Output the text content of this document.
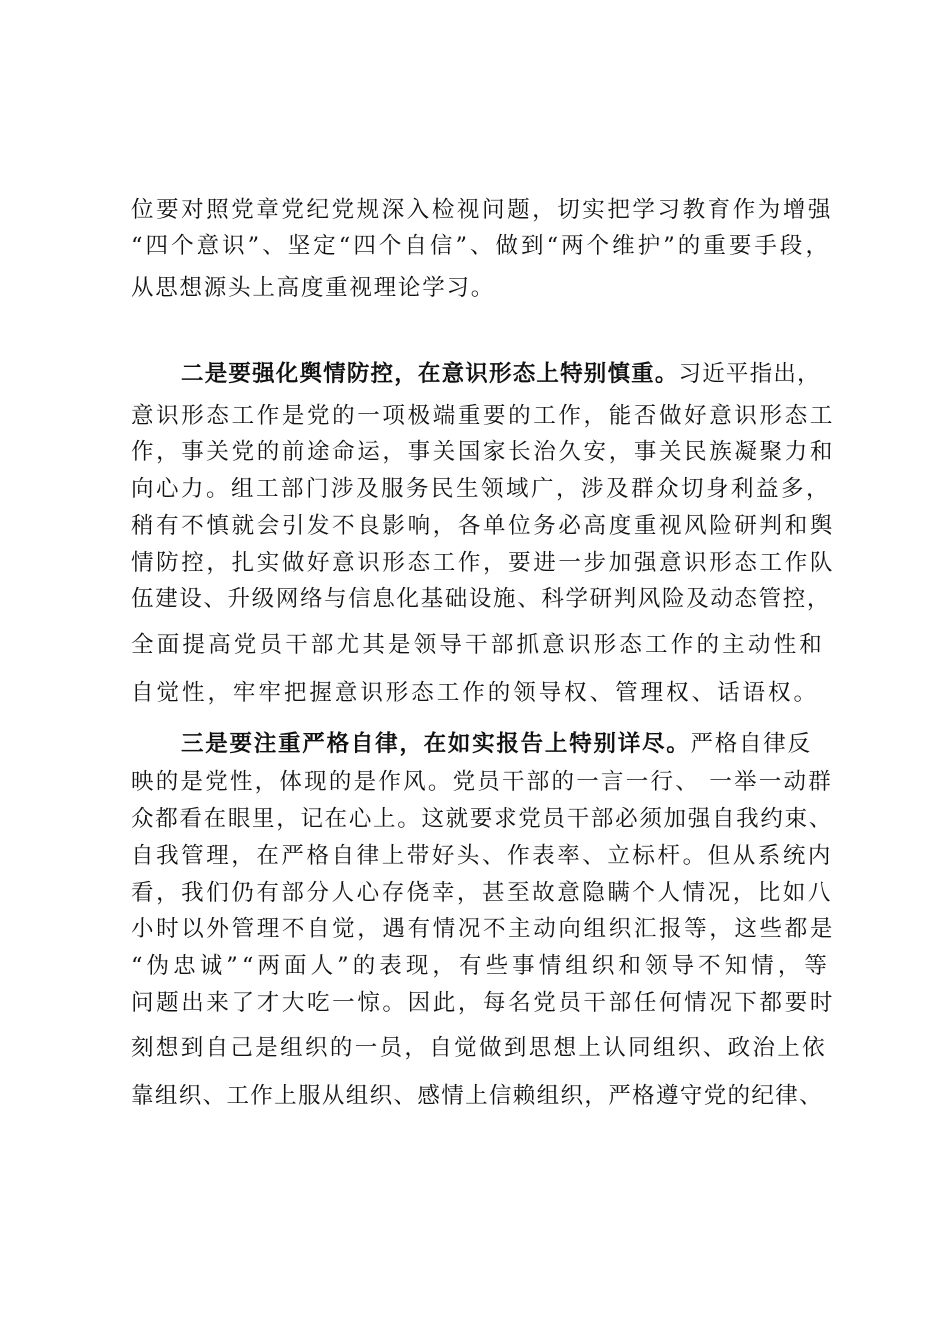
位要对照党章党纪党规深入检视问题，切实把学习教育作为增强
“四个意识”、坚定“四个自信”、做到“两个维护”的重要手段，
从思想源头上高度重视理论学习。
二是要强化舆情防控，在意识形态上特别慎重。习近平指出，
意识形态工作是党的一项极端重要的工作，能否做好意识形态工
作，事关党的前途命运，事关国家长治久安，事关民族凝聚力和
向心力。组工部门涉及服务民生领域广，涉及群众切身利益多，
稍有不慎就会引发不良影响，各单位务必高度重视风险研判和舆
情防控，扎实做好意识形态工作，要进一步加强意识形态工作队
伍建设、升级网络与信息化基础设施、科学研判风险及动态管控，
全面提高党员干部尤其是领导干部抓意识形态工作的主动性和
自觉性，牢牢把握意识形态工作的领导权、管理权、话语权。
三是要注重严格自律，在如实报告上特别详尽。严格自律反
映的是党性，体现的是作风。党员干部的一言一行、 一举一动群
众都看在眼里，记在心上。这就要求党员干部必须加强自我约束、
自我管理，在严格自律上带好头、作表率、立标杆。但从系统内
看，我们仍有部分人心存侥幸，甚至故意隐瞒个人情况，比如八
小时以外管理不自觉，遇有情况不主动向组织汇报等，这些都是
“伪忠诚”“两面人”的表现，有些事情组织和领导不知情，等
问题出来了才大吃一惊。因此，每名党员干部任何情况下都要时
刻想到自己是组织的一员，自觉做到思想上认同组织、政治上依
靠组织、工作上服从组织、感情上信赖组织，严格遵守党的纪律、
